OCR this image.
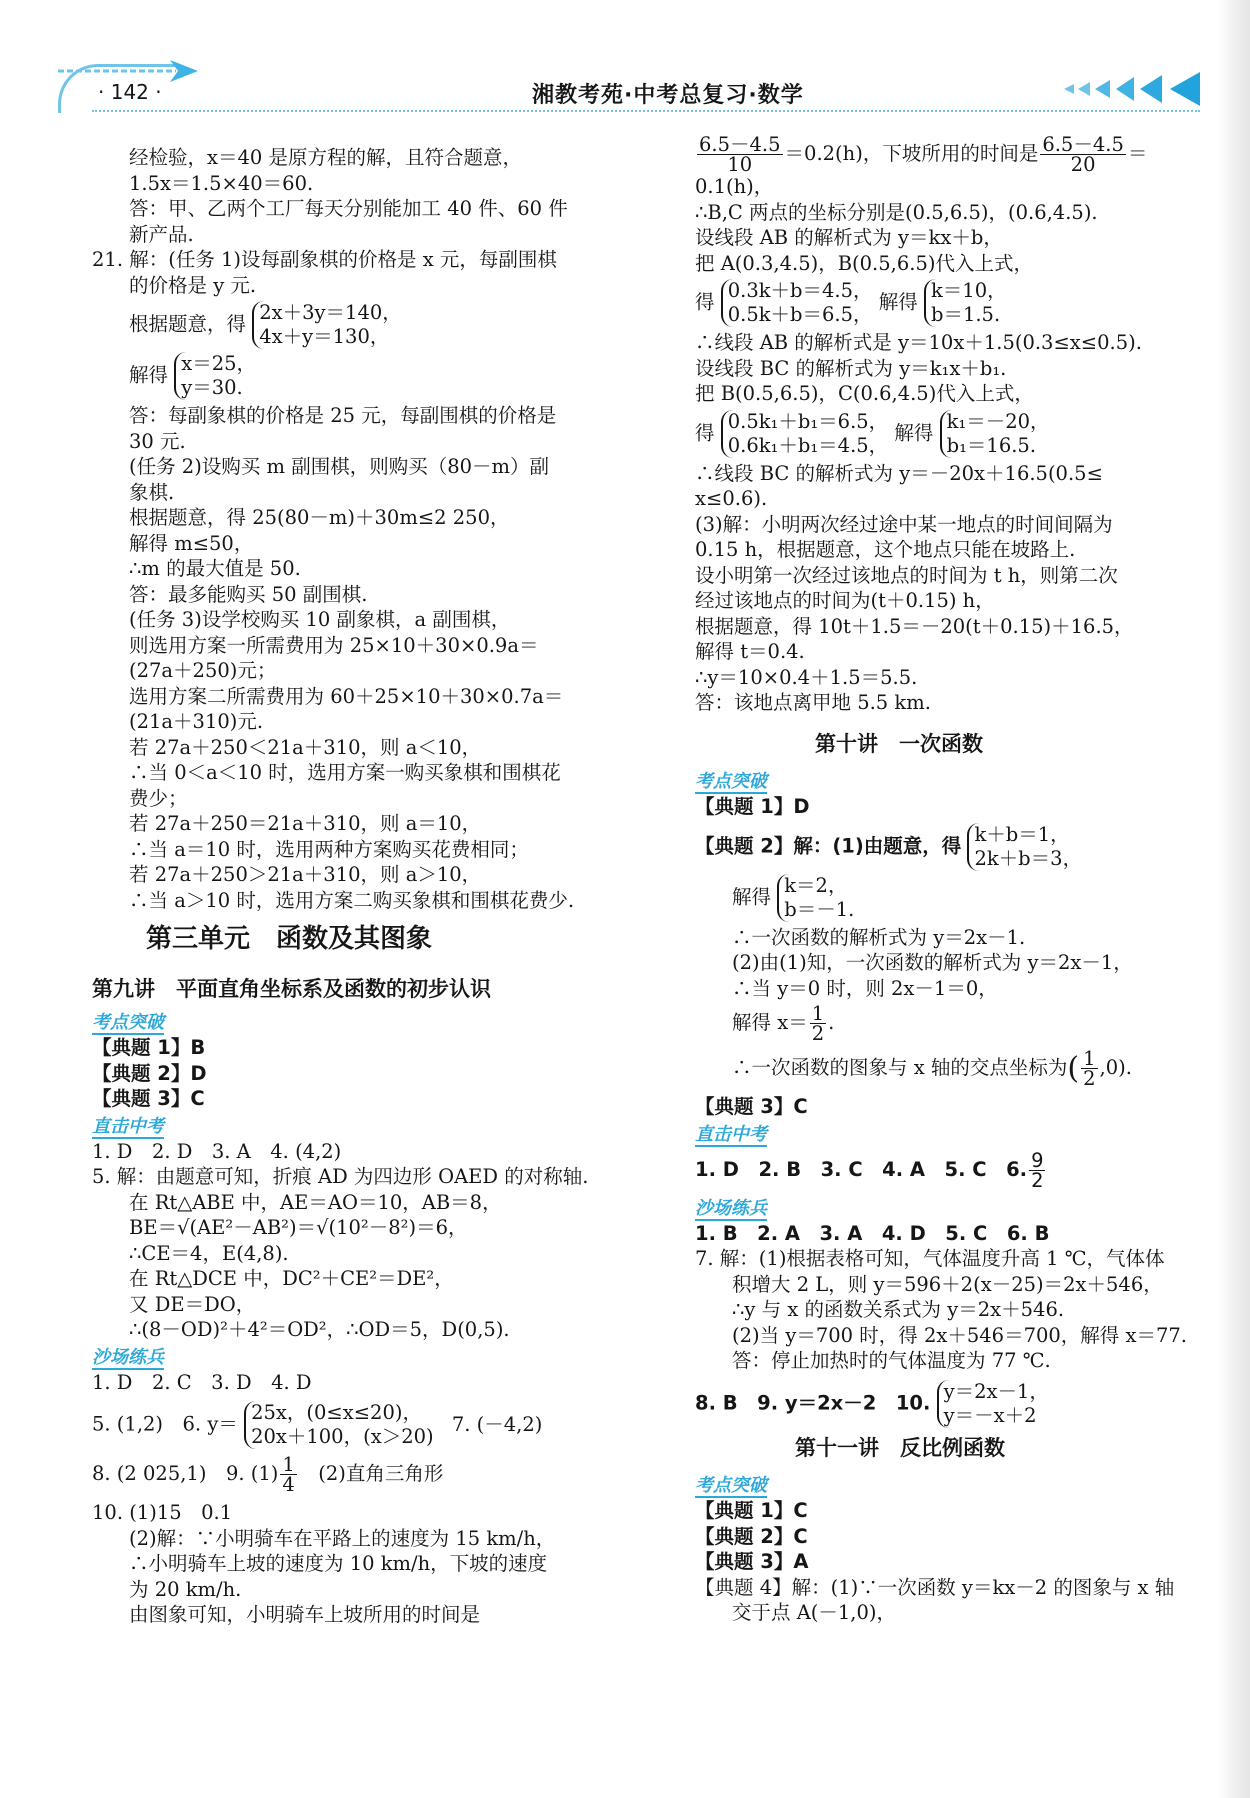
· 142 ·	湘教考苑·中考总复习·数学
经检验，x＝40 是原方程的解，且符合题意，
1.5x＝1.5×40＝60.
答：甲、乙两个工厂每天分别能加工 40 件、60 件
新产品.
21. 解：(任务 1)设每副象棋的价格是 x 元，每副围棋
的价格是 y 元.
根据题意，得 2x＋3y＝140，
4x＋y＝130，
解得 x＝25，
y＝30.
答：每副象棋的价格是 25 元，每副围棋的价格是
30 元.
(任务 2)设购买 m 副围棋，则购买（80－m）副
象棋.
根据题意，得 25(80－m)＋30m≤2 250，
解得 m≤50，
∴m 的最大值是 50.
答：最多能购买 50 副围棋.
(任务 3)设学校购买 10 副象棋，a 副围棋，
则选用方案一所需费用为 25×10＋30×0.9a＝
(27a＋250)元；
选用方案二所需费用为 60＋25×10＋30×0.7a＝
(21a＋310)元.
若 27a＋250＜21a＋310，则 a＜10，
∴当 0＜a＜10 时，选用方案一购买象棋和围棋花
费少；
若 27a＋250＝21a＋310，则 a＝10，
∴当 a＝10 时，选用两种方案购买花费相同；
若 27a＋250＞21a＋310，则 a＞10，
∴当 a＞10 时，选用方案二购买象棋和围棋花费少.
第三单元　函数及其图象
第九讲　平面直角坐标系及函数的初步认识
考点突破
【典题 1】B
【典题 2】D
【典题 3】C
直击中考
1. D　2. D　3. A　4. (4,2)
5. 解：由题意可知，折痕 AD 为四边形 OAED 的对称轴.
在 Rt△ABE 中，AE＝AO＝10，AB＝8，
BE＝√(AE²－AB²)＝√(10²－8²)＝6，
∴CE＝4，E(4,8).
在 Rt△DCE 中，DC²＋CE²＝DE²，
又 DE＝DO，
∴(8－OD)²＋4²＝OD²，∴OD＝5，D(0,5).
沙场练兵
1. D　2. C　3. D　4. D
5. (1,2)　6. y＝ 25x，(0≤x≤20)，
20x＋100，(x＞20)
7. (－4,2)
8. (2 025,1)　9. $(1) \frac{1}{4}$ 　(2)直角三角形
10. (1)15　0.1
(2)解：∵小明骑车在平路上的速度为 15 km/h，
∴小明骑车上坡的速度为 10 km/h，下坡的速度
为 20 km/h.
由图象可知，小明骑车上坡所用的时间是
$\frac{6.5-4.5}{10} =0.2(h)$，下坡所用的时间是 $\frac{6.5-4.5}{20}$ ＝
0.1(h)，
∴B,C 两点的坐标分别是(0.5,6.5)，(0.6,4.5).
设线段 AB 的解析式为 y＝kx＋b，
把 A(0.3,4.5)，B(0.5,6.5)代入上式，
得 0.3k＋b＝4.5，
0.5k＋b＝6.5，
解得 k＝10，
b＝1.5.
∴线段 AB 的解析式是 y＝10x＋1.5(0.3≤x≤0.5).
设线段 BC 的解析式为 y＝k₁x＋b₁.
把 B(0.5,6.5)，C(0.6,4.5)代入上式，
得 0.5k₁＋b₁＝6.5，
0.6k₁＋b₁＝4.5，
解得 k₁＝－20，
b₁＝16.5.
∴线段 BC 的解析式为 y＝－20x＋16.5(0.5≤
x≤0.6).
(3)解：小明两次经过途中某一地点的时间间隔为
0.15 h，根据题意，这个地点只能在坡路上.
设小明第一次经过该地点的时间为 t h，则第二次
经过该地点的时间为(t＋0.15) h，
根据题意，得 10t＋1.5＝－20(t＋0.15)＋16.5，
解得 t＝0.4.
∴y＝10×0.4＋1.5＝5.5.
答：该地点离甲地 5.5 km.
第十讲　一次函数
考点突破
【典题 1】D
【典题 2】解：(1)由题意，得 k＋b＝1，
2k＋b＝3，
解得 k＝2，
b＝－1.
∴一次函数的解析式为 y＝2x－1.
(2)由(1)知，一次函数的解析式为 y＝2x－1，
∴当 y＝0 时，则 2x－1＝0，
解得 $x= \frac{1}{2}$ .
∴一次函数的图象与 x 轴的交点坐标为( $\frac{1}{2} ,0$).
【典题 3】C
直击中考
1. D　2. B　3. C　4. A　5. C　6. $\frac{9}{2}$
沙场练兵
1. B　2. A　3. A　4. D　5. C　6. B
7. 解：(1)根据表格可知，气体温度升高 1 ℃，气体体
积增大 2 L，则 y＝596＋2(x－25)＝2x＋546，
∴y 与 x 的函数关系式为 y＝2x＋546.
(2)当 y＝700 时，得 2x＋546＝700，解得 x＝77.
答：停止加热时的气体温度为 77 ℃.
8. B　9. y＝2x－2　10. y＝2x－1，
y＝－x＋2
第十一讲　反比例函数
考点突破
【典题 1】C
【典题 2】C
【典题 3】A
【典题 4】解：(1)∵一次函数 y＝kx－2 的图象与 x 轴
交于点 A(－1,0)，
